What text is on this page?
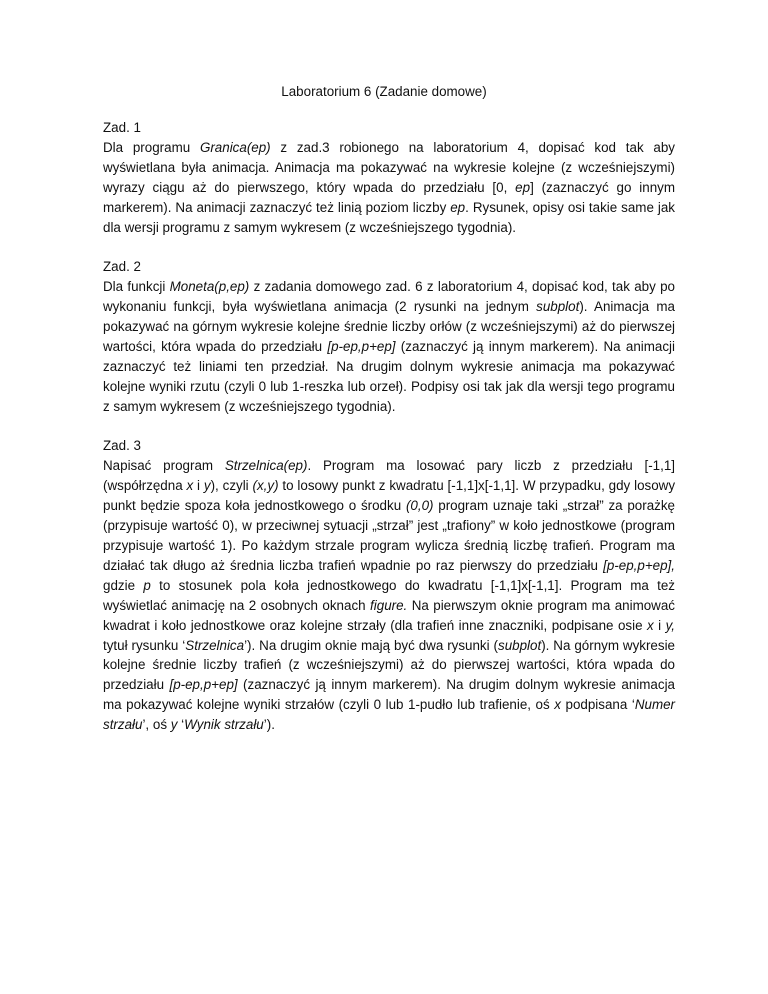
Laboratorium 6 (Zadanie domowe)
Zad. 1

Dla programu Granica(ep) z zad.3 robionego na laboratorium 4, dopisać kod tak aby wyświetlana była animacja. Animacja ma pokazywać na wykresie kolejne (z wcześniejszymi) wyrazy ciągu aż do pierwszego, który wpada do przedziału [0, ep] (zaznaczyć go innym markerem). Na animacji zaznaczyć też linią poziom liczby ep. Rysunek, opisy osi takie same jak dla wersji programu z samym wykresem (z wcześniejszego tygodnia).

Zad. 2

Dla funkcji Moneta(p,ep) z zadania domowego zad. 6 z laboratorium 4, dopisać kod, tak aby po wykonaniu funkcji, była wyświetlana animacja (2 rysunki na jednym subplot). Animacja ma pokazywać na górnym wykresie kolejne średnie liczby orłów (z wcześniejszymi) aż do pierwszej wartości, która wpada do przedziału [p-ep,p+ep] (zaznaczyć ją innym markerem). Na animacji zaznaczyć też liniami ten przedział. Na drugim dolnym wykresie animacja ma pokazywać kolejne wyniki rzutu (czyli 0 lub 1-reszka lub orzeł). Podpisy osi tak jak dla wersji tego programu z samym wykresem (z wcześniejszego tygodnia).

Zad. 3

Napisać program Strzelnica(ep). Program ma losować pary liczb z przedziału [-1,1] (współrzędna x i y), czyli (x,y) to losowy punkt z kwadratu [-1,1]x[-1,1]. W przypadku, gdy losowy punkt będzie spoza koła jednostkowego o środku (0,0) program uznaje taki „strzał” za porażkę (przypisuje wartość 0), w przeciwnej sytuacji „strzał” jest „trafiony” w koło jednostkowe (program przypisuje wartość 1). Po każdym strzale program wylicza średnią liczbę trafień. Program ma działać tak długo aż średnia liczba trafień wpadnie po raz pierwszy do przedziału [p-ep,p+ep], gdzie p to stosunek pola koła jednostkowego do kwadratu [-1,1]x[-1,1]. Program ma też wyświetlać animację na 2 osobnych oknach figure. Na pierwszym oknie program ma animować kwadrat i koło jednostkowe oraz kolejne strzały (dla trafień inne znaczniki, podpisane osie x i y, tytuł rysunku ‘Strzelnica’). Na drugim oknie mają być dwa rysunki (subplot). Na górnym wykresie kolejne średnie liczby trafień (z wcześniejszymi) aż do pierwszej wartości, która wpada do przedziału [p-ep,p+ep] (zaznaczyć ją innym markerem). Na drugim dolnym wykresie animacja ma pokazywać kolejne wyniki strzałów (czyli 0 lub 1-pudło lub trafienie, oś x podpisana ‘Numer strzału’, oś y ‘Wynik strzału’).
